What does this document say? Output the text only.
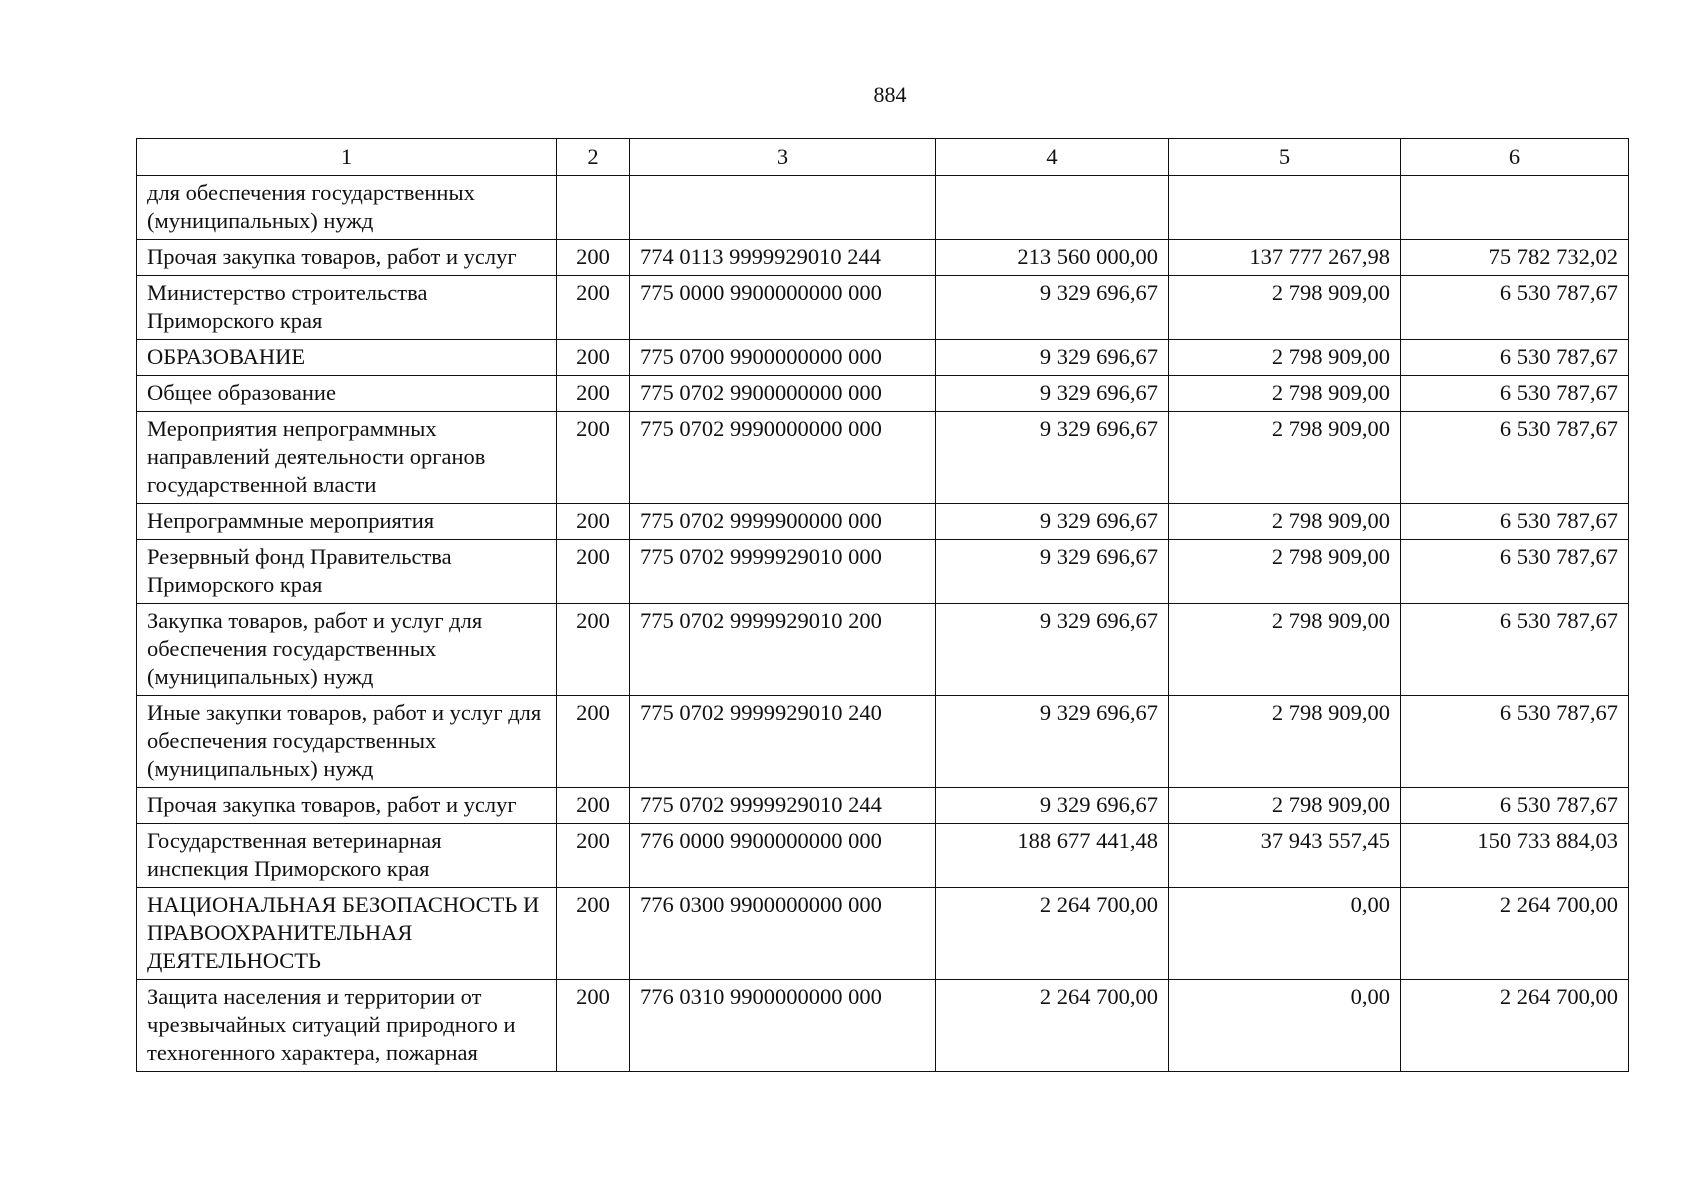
884
1	2	3	4	5	6
для обеспечения государственных (муниципальных) нужд					
Прочая закупка товаров, работ и услуг	200	774 0113 9999929010 244	213 560 000,00	137 777 267,98	75 782 732,02
Министерство строительства Приморского края	200	775 0000 9900000000 000	9 329 696,67	2 798 909,00	6 530 787,67
ОБРАЗОВАНИЕ	200	775 0700 9900000000 000	9 329 696,67	2 798 909,00	6 530 787,67
Общее образование	200	775 0702 9900000000 000	9 329 696,67	2 798 909,00	6 530 787,67
Мероприятия непрограммных направлений деятельности органов государственной власти	200	775 0702 9990000000 000	9 329 696,67	2 798 909,00	6 530 787,67
Непрограммные мероприятия	200	775 0702 9999900000 000	9 329 696,67	2 798 909,00	6 530 787,67
Резервный фонд Правительства Приморского края	200	775 0702 9999929010 000	9 329 696,67	2 798 909,00	6 530 787,67
Закупка товаров, работ и услуг для обеспечения государственных (муниципальных) нужд	200	775 0702 9999929010 200	9 329 696,67	2 798 909,00	6 530 787,67
Иные закупки товаров, работ и услуг для обеспечения государственных (муниципальных) нужд	200	775 0702 9999929010 240	9 329 696,67	2 798 909,00	6 530 787,67
Прочая закупка товаров, работ и услуг	200	775 0702 9999929010 244	9 329 696,67	2 798 909,00	6 530 787,67
Государственная ветеринарная инспекция Приморского края	200	776 0000 9900000000 000	188 677 441,48	37 943 557,45	150 733 884,03
НАЦИОНАЛЬНАЯ БЕЗОПАСНОСТЬ И ПРАВООХРАНИТЕЛЬНАЯ ДЕЯТЕЛЬНОСТЬ	200	776 0300 9900000000 000	2 264 700,00	0,00	2 264 700,00
Защита населения и территории от чрезвычайных ситуаций природного и техногенного характера, пожарная	200	776 0310 9900000000 000	2 264 700,00	0,00	2 264 700,00
